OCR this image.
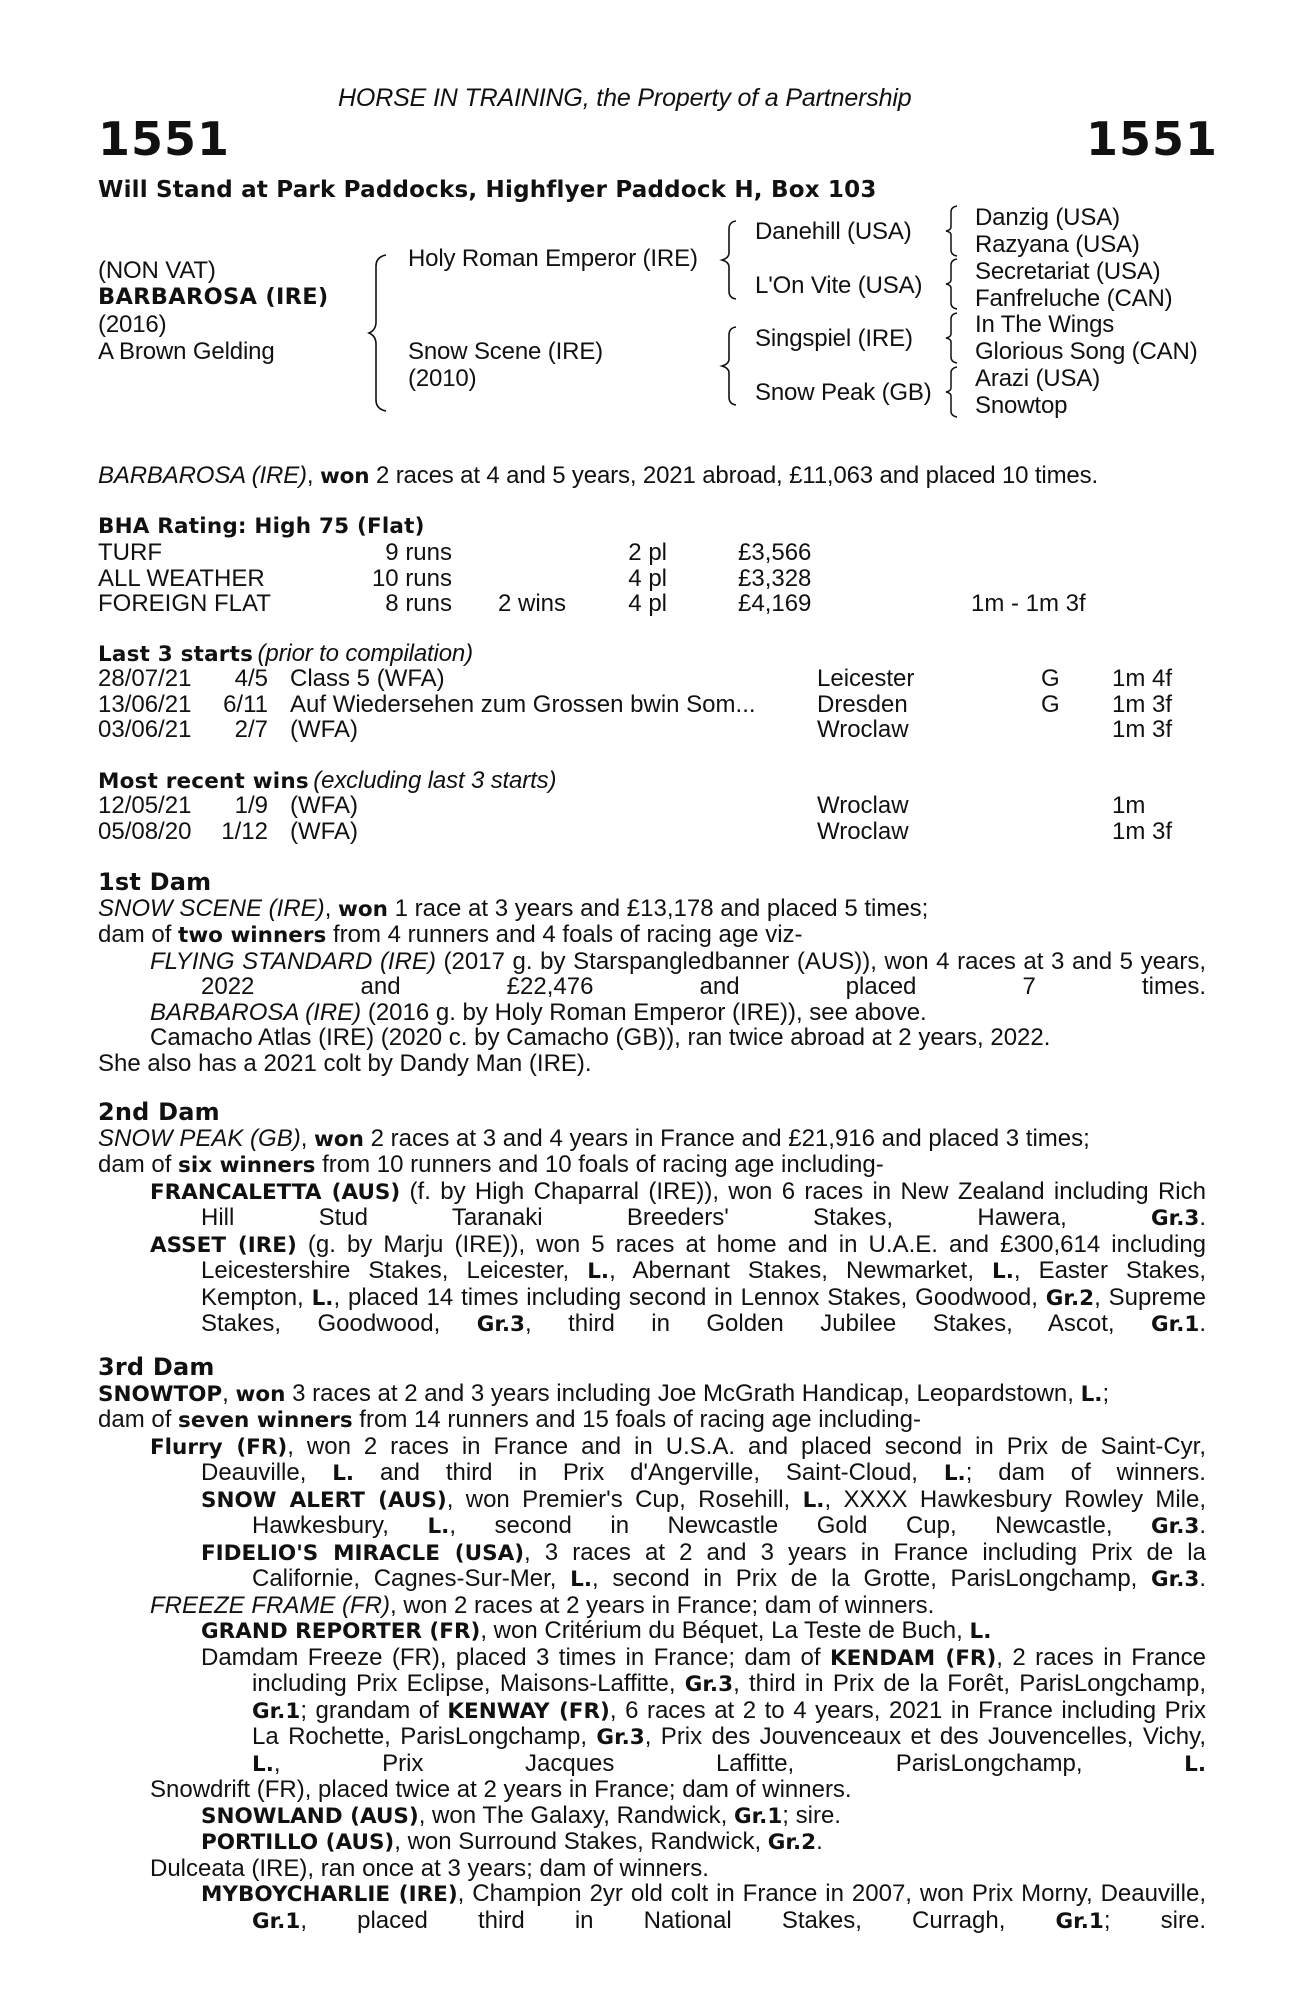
HORSE IN TRAINING, the Property of a Partnership
1551	1551
Will Stand at Park Paddocks, Highflyer Paddock H, Box 103
(NON VAT)
BARBAROSA (IRE)
(2016)
A Brown Gelding
Holy Roman Emperor (IRE)
Snow Scene (IRE)
(2010)
Danehill (USA)
L'On Vite (USA)
Singspiel (IRE)
Snow Peak (GB)
Danzig (USA)
Razyana (USA)
Secretariat (USA)
Fanfreluche (CAN)
In The Wings
Glorious Song (CAN)
Arazi (USA)
Snowtop
BARBAROSA (IRE), won 2 races at 4 and 5 years, 2021 abroad, £11,063 and placed 10 times.
BHA Rating: High 75 (Flat)
TURF	9 runs	2 pl	£3,566
ALL WEATHER	10 runs	4 pl	£3,328
FOREIGN FLAT	8 runs 2 wins	4 pl	£4,169	1m - 1m 3f
Last 3 starts (prior to compilation)
28/07/21	4/5 Class 5 (WFA)	Leicester	G 1m 4f
13/06/21	6/11 Auf Wiedersehen zum Grossen bwin Som...	Dresden	G 1m 3f
03/06/21	2/7 (WFA)	Wroclaw	1m 3f
Most recent wins (excluding last 3 starts)
12/05/21	1/9 (WFA)	Wroclaw	1m
05/08/20	1/12 (WFA)	Wroclaw	1m 3f
1st Dam
SNOW SCENE (IRE), won 1 race at 3 years and £13,178 and placed 5 times;
dam of two winners from 4 runners and 4 foals of racing age viz-
FLYING STANDARD (IRE) (2017 g. by Starspangledbanner (AUS)), won 4 races at 3 and 5 years, 2022 and £22,476 and placed 7 times.
BARBAROSA (IRE) (2016 g. by Holy Roman Emperor (IRE)), see above.
Camacho Atlas (IRE) (2020 c. by Camacho (GB)), ran twice abroad at 2 years, 2022.
She also has a 2021 colt by Dandy Man (IRE).
2nd Dam
SNOW PEAK (GB), won 2 races at 3 and 4 years in France and £21,916 and placed 3 times;
dam of six winners from 10 runners and 10 foals of racing age including-
FRANCALETTA (AUS) (f. by High Chaparral (IRE)), won 6 races in New Zealand including Rich Hill Stud Taranaki Breeders' Stakes, Hawera, Gr.3.
ASSET (IRE) (g. by Marju (IRE)), won 5 races at home and in U.A.E. and £300,614 including Leicestershire Stakes, Leicester, L., Abernant Stakes, Newmarket, L., Easter Stakes, Kempton, L., placed 14 times including second in Lennox Stakes, Goodwood, Gr.2, Supreme Stakes, Goodwood, Gr.3, third in Golden Jubilee Stakes, Ascot, Gr.1.
3rd Dam
SNOWTOP, won 3 races at 2 and 3 years including Joe McGrath Handicap, Leopardstown, L.;
dam of seven winners from 14 runners and 15 foals of racing age including-
Flurry (FR), won 2 races in France and in U.S.A. and placed second in Prix de Saint-Cyr, Deauville, L. and third in Prix d'Angerville, Saint-Cloud, L.; dam of winners.
SNOW ALERT (AUS), won Premier's Cup, Rosehill, L., XXXX Hawkesbury Rowley Mile, Hawkesbury, L., second in Newcastle Gold Cup, Newcastle, Gr.3.
FIDELIO'S MIRACLE (USA), 3 races at 2 and 3 years in France including Prix de la Californie, Cagnes-Sur-Mer, L., second in Prix de la Grotte, ParisLongchamp, Gr.3.
FREEZE FRAME (FR), won 2 races at 2 years in France; dam of winners.
GRAND REPORTER (FR), won Critérium du Béquet, La Teste de Buch, L.
Damdam Freeze (FR), placed 3 times in France; dam of KENDAM (FR), 2 races in France including Prix Eclipse, Maisons-Laffitte, Gr.3, third in Prix de la Forêt, ParisLongchamp, Gr.1; grandam of KENWAY (FR), 6 races at 2 to 4 years, 2021 in France including Prix La Rochette, ParisLongchamp, Gr.3, Prix des Jouvenceaux et des Jouvencelles, Vichy, L., Prix Jacques Laffitte, ParisLongchamp, L.
Snowdrift (FR), placed twice at 2 years in France; dam of winners.
SNOWLAND (AUS), won The Galaxy, Randwick, Gr.1; sire.
PORTILLO (AUS), won Surround Stakes, Randwick, Gr.2.
Dulceata (IRE), ran once at 3 years; dam of winners.
MYBOYCHARLIE (IRE), Champion 2yr old colt in France in 2007, won Prix Morny, Deauville, Gr.1, placed third in National Stakes, Curragh, Gr.1; sire.
